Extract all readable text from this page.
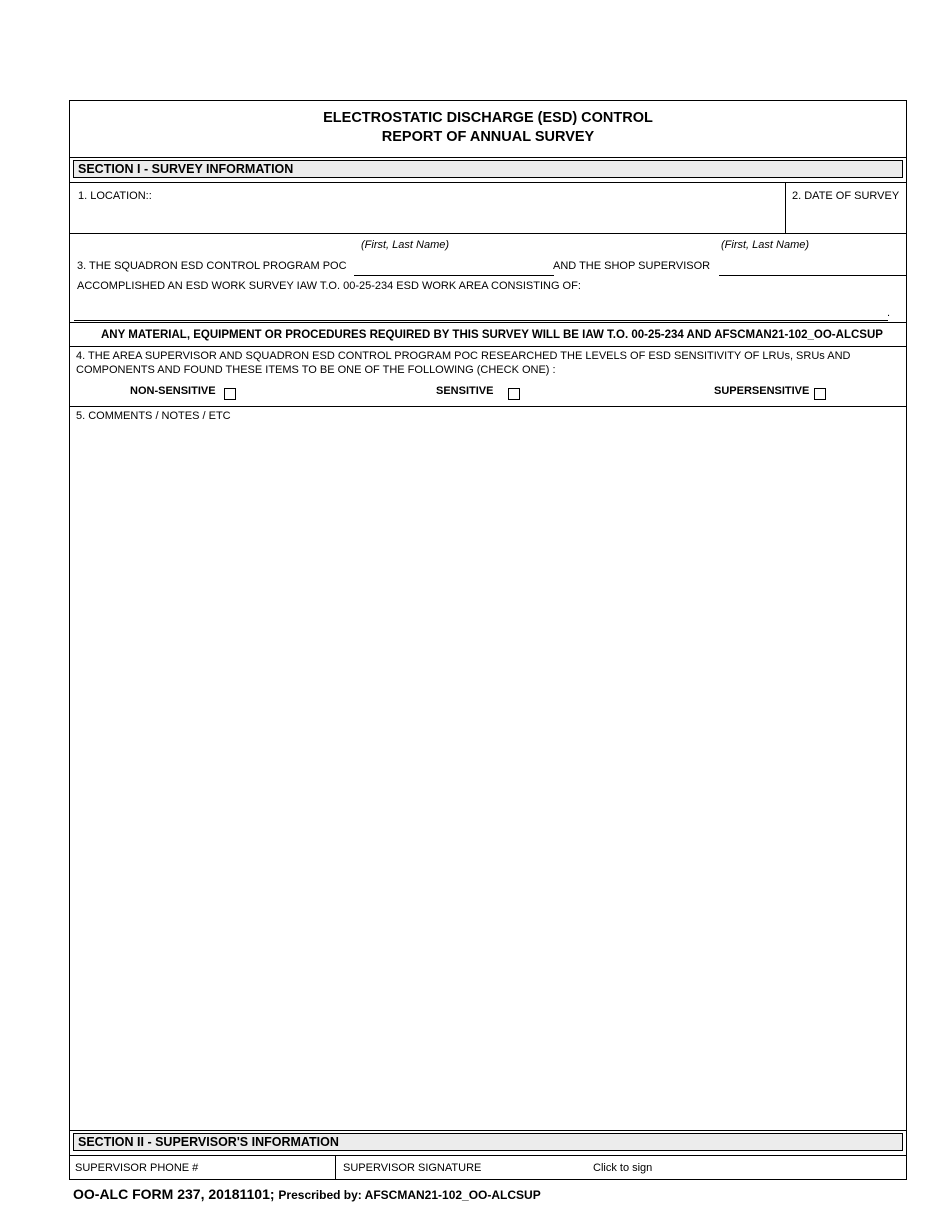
ELECTROSTATIC DISCHARGE (ESD) CONTROL
REPORT OF ANNUAL SURVEY
SECTION I - SURVEY INFORMATION
1. LOCATION::	2. DATE OF SURVEY
(First, Last Name)	(First, Last Name)
3. THE SQUADRON ESD CONTROL PROGRAM POC	AND THE SHOP SUPERVISOR
ACCOMPLISHED AN ESD WORK SURVEY IAW T.O. 00-25-234 ESD WORK AREA CONSISTING OF:
.
ANY MATERIAL, EQUIPMENT OR PROCEDURES REQUIRED BY THIS SURVEY WILL BE IAW T.O. 00-25-234 AND AFSCMAN21-102_OO-ALCSUP
4. THE AREA SUPERVISOR AND SQUADRON ESD CONTROL PROGRAM POC RESEARCHED THE LEVELS OF ESD SENSITIVITY OF LRUs, SRUs AND
COMPONENTS AND FOUND THESE ITEMS TO BE ONE OF THE FOLLOWING (CHECK ONE) :
NON-SENSITIVE	SENSITIVE	SUPERSENSITIVE
5. COMMENTS / NOTES / ETC
SECTION II - SUPERVISOR'S INFORMATION
SUPERVISOR PHONE #	SUPERVISOR SIGNATURE	Click to sign
OO-ALC FORM 237, 20181101; Prescribed by: AFSCMAN21-102_OO-ALCSUP
